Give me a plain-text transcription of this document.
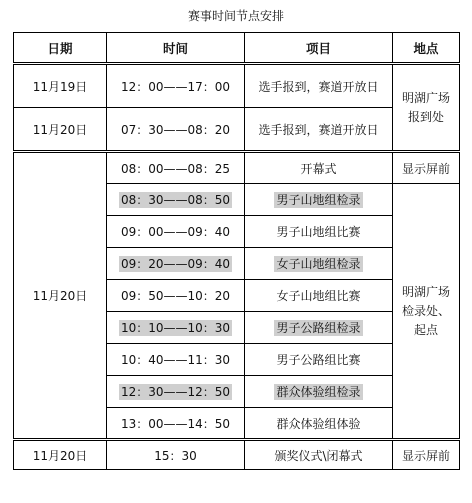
赛事时间节点安排
日期	时间	项目	地点
11月19日	12：00——17：00	选手报到，赛道开放日	明湖广场报到处
11月20日	07：30——08：20	选手报到，赛道开放日	
11月20日	08：00——08：25	开幕式	显示屏前
	08：30——08：50	男子山地组检录	明湖广场检录处、起点
	09：00——09：40	男子山地组比赛	
	09：20——09：40	女子山地组检录	
	09：50——10：20	女子山地组比赛	
	10：10——10：30	男子公路组检录	
	10：40——11：30	男子公路组比赛	
	12：30——12：50	群众体验组检录	
	13：00——14：50	群众体验组体验	
11月20日	15：30	颁奖仪式\闭幕式	显示屏前
